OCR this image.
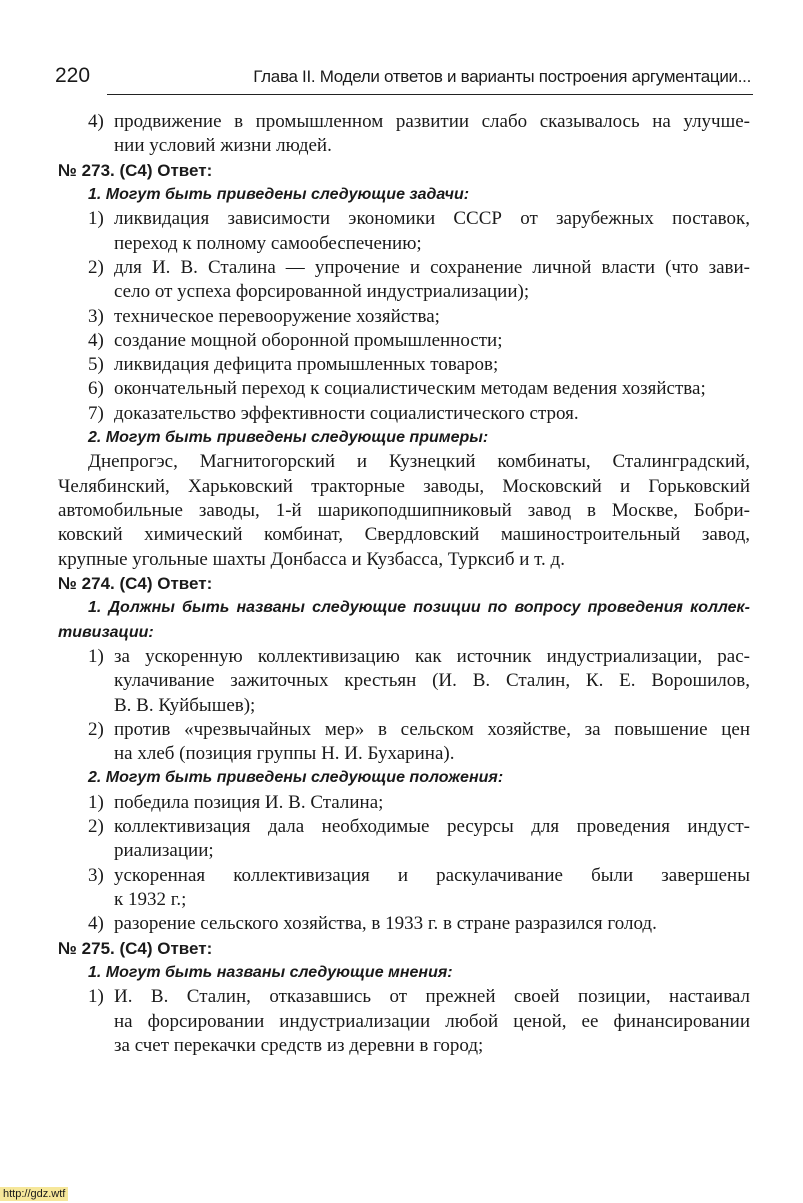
220	Глава II. Модели ответов и варианты построения аргументации...
4) продвижение в промышленном развитии слабо сказывалось на улучше-
нии условий жизни людей.
№ 273. (С4) Ответ:
1. Могут быть приведены следующие задачи:
1) ликвидация зависимости экономики СССР от зарубежных поставок,
переход к полному самообеспечению;
2) для И. В. Сталина — упрочение и сохранение личной власти (что зави-
село от успеха форсированной индустриализации);
3) техническое перевооружение хозяйства;
4) создание мощной оборонной промышленности;
5) ликвидация дефицита промышленных товаров;
6) окончательный переход к социалистическим методам ведения хозяйства;
7) доказательство эффективности социалистического строя.
2. Могут быть приведены следующие примеры:
Днепрогэс, Магнитогорский и Кузнецкий комбинаты, Сталинградский,
Челябинский, Харьковский тракторные заводы, Московский и Горьковский
автомобильные заводы, 1-й шарикоподшипниковый завод в Москве, Бобри-
ковский химический комбинат, Свердловский машиностроительный завод,
крупные угольные шахты Донбасса и Кузбасса, Турксиб и т. д.
№ 274. (С4) Ответ:
1. Должны быть названы следующие позиции по вопросу проведения коллек-
тивизации:
1) за ускоренную коллективизацию как источник индустриализации, рас-
кулачивание зажиточных крестьян (И. В. Сталин, К. Е. Ворошилов,
В. В. Куйбышев);
2) против «чрезвычайных мер» в сельском хозяйстве, за повышение цен
на хлеб (позиция группы Н. И. Бухарина).
2. Могут быть приведены следующие положения:
1) победила позиция И. В. Сталина;
2) коллективизация дала необходимые ресурсы для проведения индуст-
риализации;
3) ускоренная коллективизация и раскулачивание были завершены
к 1932 г.;
4) разорение сельского хозяйства, в 1933 г. в стране разразился голод.
№ 275. (С4) Ответ:
1. Могут быть названы следующие мнения:
1) И. В. Сталин, отказавшись от прежней своей позиции, настаивал
на форсировании индустриализации любой ценой, ее финансировании
за счет перекачки средств из деревни в город;
http://gdz.wtf
